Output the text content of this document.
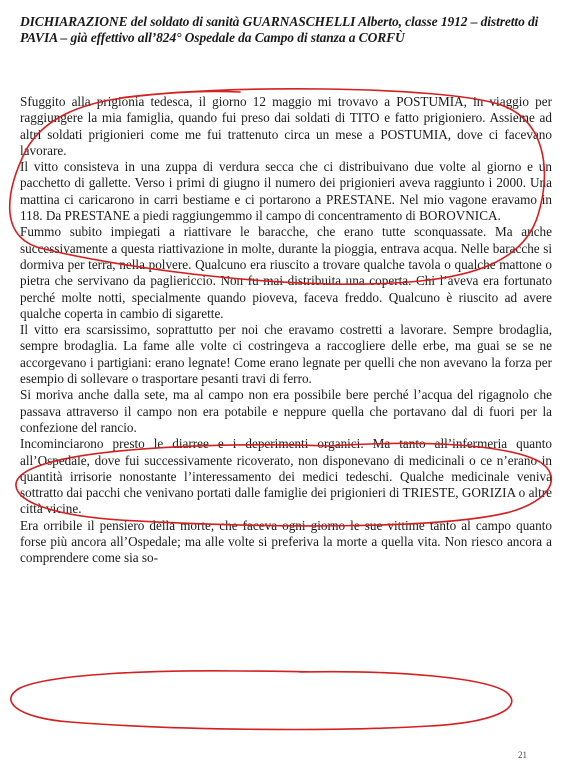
DICHIARAZIONE del soldato di sanità GUARNASCHELLI Alberto, classe 1912 – distretto di PAVIA – già effettivo all’824° Ospedale da Campo di stanza a CORFÙ

Sfuggito alla prigionia tedesca, il giorno 12 maggio mi trovavo a POSTUMIA, in viaggio per raggiungere la mia famiglia, quando fui preso dai soldati di TITO e fatto prigioniero. Assieme ad altri soldati prigionieri come me fui trattenuto circa un mese a POSTUMIA, dove ci facevano lavorare.

Il vitto consisteva in una zuppa di verdura secca che ci distribuivano due volte al giorno e un pacchetto di gallette. Verso i primi di giugno il numero dei prigionieri aveva raggiunto i 2000. Una mattina ci caricarono in carri bestiame e ci portarono a PRESTANE. Nel mio vagone eravamo in 118. Da PRESTANE a piedi raggiungemmo il campo di concentramento di BOROVNICA.

Fummo subito impiegati a riattivare le baracche, che erano tutte sconquassate. Ma anche successivamente a questa riattivazione in molte, durante la pioggia, entrava acqua. Nelle baracche si dormiva per terra, nella polvere. Qualcuno era riuscito a trovare qualche tavola o qualche mattone o pietra che servivano da pagliericcio. Non fu mai distribuita una coperta. Chi l’aveva era fortunato perché molte notti, specialmente quando pioveva, faceva freddo. Qualcuno è riuscito ad avere qualche coperta in cambio di sigarette.

Il vitto era scarsissimo, soprattutto per noi che eravamo costretti a lavorare. Sempre brodaglia, sempre brodaglia. La fame alle volte ci costringeva a raccogliere delle erbe, ma guai se se ne accorgevano i partigiani: erano legnate! Come erano legnate per quelli che non avevano la forza per esempio di sollevare o trasportare pesanti travi di ferro.

Si moriva anche dalla sete, ma al campo non era possibile bere perché l’acqua del rigagnolo che passava attraverso il campo non era potabile e neppure quella che portavano dal di fuori per la confezione del rancio.

Incominciarono presto le diarree e i deperimenti organici. Ma tanto all’infermeria quanto all’Ospedale, dove fui successivamente ricoverato, non disponevano di medicinali o ce n’erano in quantità irrisorie nonostante l’interessamento dei medici tedeschi. Qualche medicinale veniva sottratto dai pacchi che venivano portati dalle famiglie dei prigionieri di TRIESTE, GORIZIA o altre città vicine.

Era orribile il pensiero della morte, che faceva ogni giorno le sue vittime tanto al campo quanto forse più ancora all’Ospedale; ma alle volte si preferiva la morte a quella vita. Non riesco ancora a comprendere come sia so-

21
